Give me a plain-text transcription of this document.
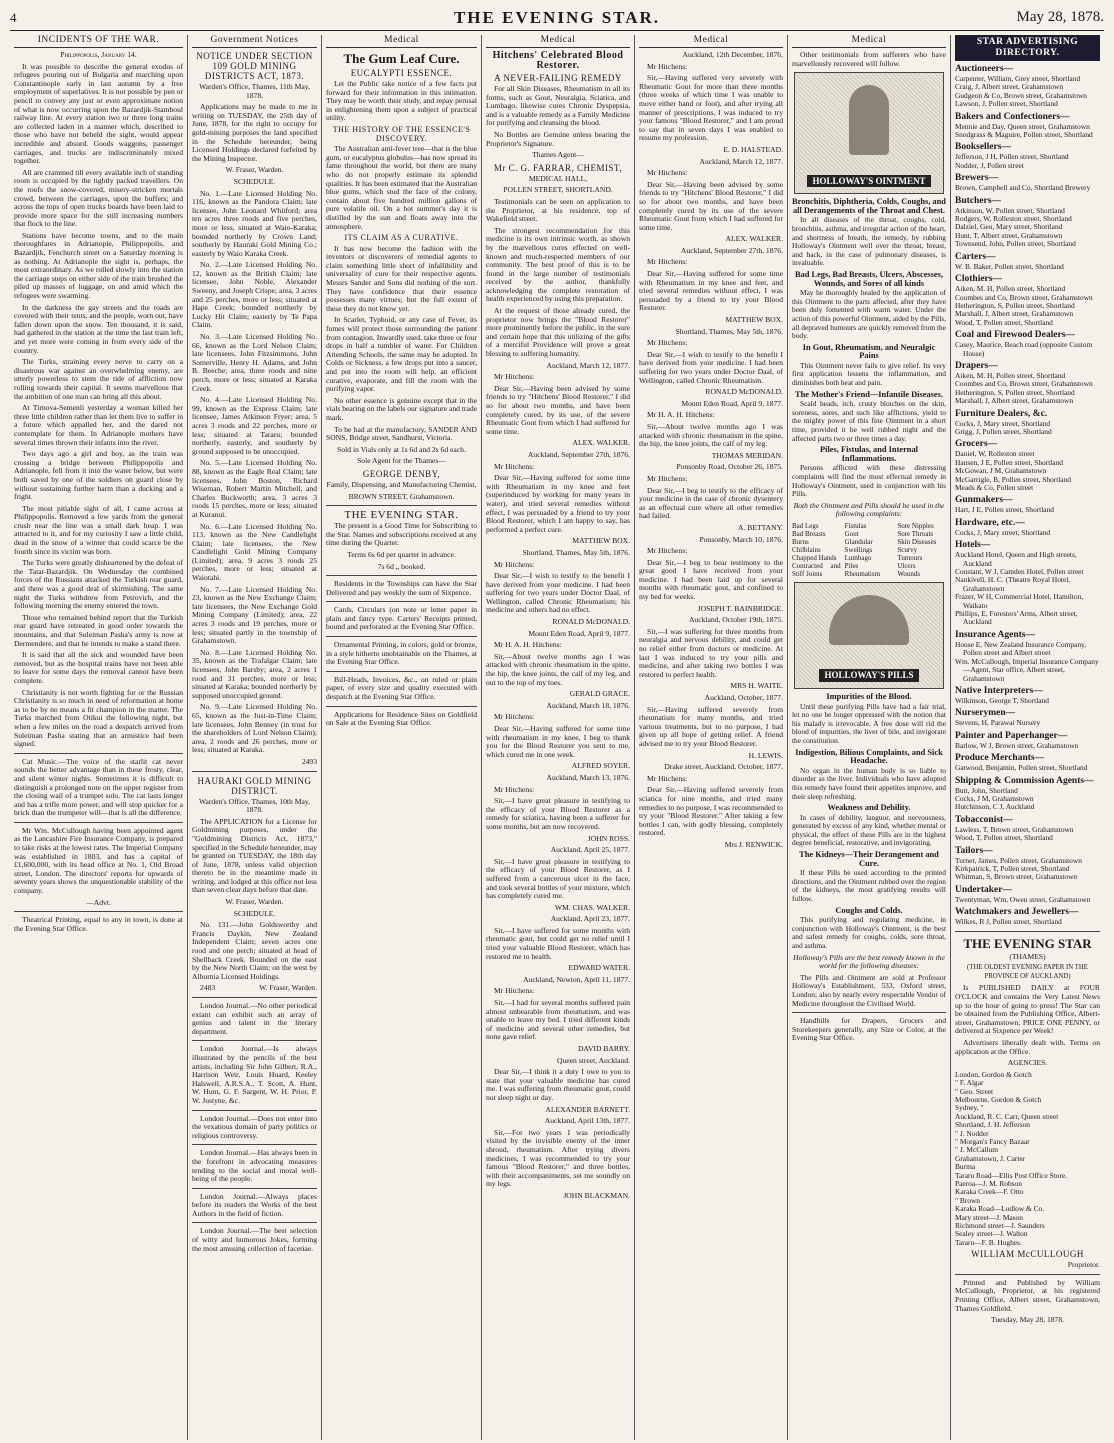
4	THE EVENING STAR.	May 28, 1878.
INCIDENTS OF THE WAR.

Philippopolis, January 14.

It was possible to describe the general exodus of refugees pouring out of Bulgaria and marching upon Constantinople early in last autumn by a free employment of superlatives. It is not possible by pen or pencil to convey any just or even approximate notion of what is now occurring upon the Bazardjik-Stamboul railway line. At every station two or three long trains are collected laden in a manner which, described to those who have not beheld the sight, would appear incredible and absurd. Goods waggons, passenger carriages, and trucks are indiscriminately mixed together.

All are crammed till every available inch of standing room is occupied by the tightly packed travellers. On the roofs the snow-covered, misery-stricken mortals crowd, between the carriages, upon the buffers; and across the tops of open trucks boards have been laid to provide more space for the still increasing numbers that flock to the line.

Stations have become towns, and to the main thoroughfares in Adrianople, Philippopolis, and Bazardjik, Fenchurch street on a Saturday morning is as nothing. At Adrianople the sight is, perhaps, the most extraordinary. As we rolled slowly into the station the carriage steps on either side of the train brushed the piled up masses of luggage, on and amid which the refugees were swarming.

In the darkness the gay streets and the roads are covered with their tents, and the people, worn out, have fallen down upon the snow. Ten thousand, it is said, had gathered in the station at the time the last train left, and yet more were coming in from every side of the country.

The Turks, straining every nerve to carry on a disastrous war against an overwhelming enemy, are utterly powerless to stem the tide of affliction now rolling towards their capital. It seems marvellous that the ambition of one man can bring all this about.

At Tirnova-Semenli yesterday a woman killed her three little children rather than let them live to suffer in a future which appalled her, and the dared not contemplate for them. In Adrianople mothers have several times thrown their infants into the river.

Two days ago a girl and boy, as the train was crossing a bridge between Philippopolis and Adrianople, fell from it into the water below, but were both saved by one of the soldiers on guard close by without sustaining further harm than a ducking and a fright.

The most pitiable sight of all, I came across at Philippopolis. Removed a few yards from the general crush near the line was a small dark heap. I was attracted to it, and for my curiosity I saw a little child, dead in the snow of a winter that could scarce be the fourth since its victim was born.

The Turks were greatly disheartened by the defeat of the Tatar-Bazardjik. On Wednesday the combined forces of the Russians attacked the Turkish rear guard, and there was a good deal of skirmishing. The same night the Turks withdrew from Petrovich, and the following morning the enemy entered the town.

Those who remained behind report that the Turkish rear guard have retreated in good order towards the mountains, and that Suleiman Pasha's army is now at Dermendere, and that he intends to make a stand there.

It is said that all the sick and wounded have been removed, but as the hospital trains have not been able to leave for some days the removal cannot have been complete.

Christianity is not worth fighting for or the Russian Christianity is so much in need of reformation at home as to be by no means a fit champion in the matter. The Turks marched from Otikui the following night, but when a few miles on the road a despatch arrived from Suleiman Pasha stating that an armistice had been signed.

Cat Music.—The voice of the starlit cat never sounds the better advantage than in these frosty, clear, and silent winter nights. Sometimes it is difficult to distinguish a prolonged note on the upper register from the closing wail of a trumpet solo. The cat lasts longer and has a trifle more power, and will stop quicker for a brick than the trumpeter will—that is all the difference.

Mr Wm. McCullough having been appointed agent as the Lancashire Fire Insurance Company, is prepared to take risks at the lowest rates. The Imperial Company was established in 1803, and has a capital of £1,600,000, with its head office at No. 1, Old Broad street, London. The directors' reports for upwards of seventy years shows the unquestionable stability of the company.

—Advt.

Theatrical Printing, equal to any in town, is done at the Evening Star Office.

Government Notices

NOTICE UNDER SECTION 109 GOLD MINING DISTRICTS ACT, 1873.

Warden's Office, Thames, 11th May, 1878.

Applications may be made to me in writing on TUESDAY, the 25th day of June, 1878, for the right to occupy for gold-mining purposes the land specified in the Schedule hereunder, being Licensed Holdings declared forfeited by the Mining Inspector.

W. Fraser, Warden.

SCHEDULE.

No. 1.—Late Licensed Holding No. 116, known as the Pandora Claim; late licensee, John Leonard Whitford; area ten acres three roods and five perches, more or less, situated at Waio-Karaka; bounded northerly by Crown Land; southerly by Hauraki Gold Mining Co.; easterly by Waio Karaka Creek.

No. 2.—Late Licensed Holding No. 12, known as the British Claim; late licensee, John Noble, Alexander Sweeny, and Joseph Crispe; area, 3 acres and 25 perches, more or less; situated at Hape Creek; bounded northerly by Lucky Hit Claim; easterly by Te Papa Claim.

No. 3.—Late Licensed Holding No. 66, known as the Lord Nelson Claim; late licensees, John Fitzsimmons, John Somerville, Henry H. Adams, and John B. Beeche; area, three roods and nine perch, more or less; situated at Karaka Creek.

No. 4.—Late Licensed Holding No. 99, known as the Express Claim; late licensee, James Atkinson Fryer; area, 5 acres 3 roods and 22 perches, more or less; situated at Tararu; bounded northerly, easterly, and southerly by ground supposed to be unoccupied.

No. 5.—Late Licensed Holding No. 88, known as the Eagle Real Claim; late licensees, John Boston, Richard Wiseman, Robert Martin Mitchell, and Charles Buckworth; area, 3 acres 3 roods 15 perches, more or less; situated at Kuranui.

No. 6.—Late Licensed Holding No. 113, known as the New Candlelight Claim; late licensees, the New Candlelight Gold Mining Company (Limited); area, 9 acres 3 roods 25 perches, more or less; situated at Waiotahi.

No. 7.—Late Licensed Holding No. 23, known as the New Exchange Claim; late licensees, the New Exchange Gold Mining Company (Limited); area, 22 acres 3 roods and 19 perches, more or less; situated partly in the township of Grahamstown.

No. 8.—Late Licensed Holding No. 35, known as the Trafalgar Claim; late licensees, John Barsby; area, 2 acres 1 rood and 31 perches, more or less; situated at Karaka; bounded northerly by supposed unoccupied ground.

No. 9.—Late Licensed Holding No. 65, known as the Just-in-Time Claim; late licensees, John Benney (in trust for the shareholders of Lord Nelson Claim); area, 2 roods and 26 perches, more or less; situated at Karaka.

2493

HAURAKI GOLD MINING DISTRICT.

Warden's Office, Thames, 10th May, 1878.

The APPLICATION for a License for Goldmining purposes, under the "Goldmining Districts Act, 1873," specified in the Schedule hereunder, may be granted on TUESDAY, the 18th day of June, 1878, unless valid objection thereto be in the meantime made in writing, and lodged at this office not less than seven clear days before that date.

W. Fraser, Warden.

SCHEDULE.

No. 131.—John Goldsworthy and Francis Daykin, New Zealand Independent Claim; seven acres one rood and one perch; situated at head of Shellback Creek. Bounded on the east by the New North Claim; on the west by Alburnia Licensed Holdings.

2483	W. Fraser, Warden.

London Journal.—No other periodical extant can exhibit such an array of genius and talent in the literary department.

London Journal.—Is always illustrated by the pencils of the best artists, including Sir John Gilbert, R.A., Harrison Weir, Louis Huard, Keeley Halswell, A.R.S.A., T. Scott, A. Hunt, W. Hunt, G. F. Sargent, W. H. Prior, P. W. Justyne, &c.

London Journal.—Does not enter into the vexatious domain of party politics or religious controversy.

London Journal.—Has always been in the forefront in advocating measures tending to the social and moral well-being of the people.

London Journal.—Always places before its readers the Works of the best Authors in the field of fiction.

London Journal.—The best selection of witty and humorous Jokes, forming the most amusing collection of facetiae.

Medical

The Gum Leaf Cure.

EUCALYPTI ESSENCE.

Let the Public take notice of a few facts put forward for their information in this intimation. They may be worth their study, and repay perusal in enlightening them upon a subject of practical utility.

THE HISTORY OF THE ESSENCE'S DISCOVERY.

The Australian anti-fever tree—that is the blue gum, or eucalyptus globulus—has now spread its fame throughout the world, but there are many who do not properly estimate its splendid qualities. It has been estimated that the Australian blue gums, which stud the face of the colony, contain about five hundred million gallons of pure volatile oil. On a hot summer's day it is distilled by the sun and floats away into the atmosphere.

ITS CLAIM AS A CURATIVE.

It has now become the fashion with the inventors or discoverers of remedial agents to claim something little short of infallibility and universality of cure for their respective agents. Messrs Sander and Sons did nothing of the sort. They have confidence that their essence possesses many virtues; but the full extent of these they do not know yet.

In Scarlet, Typhoid, or any case of Fever, its fumes will protect those surrounding the patient from contagion. Inwardly used, take three or four drops in half a tumbler of water. For Children Attending Schools, the same may be adopted. In Colds or Sickness, a few drops put into a saucer, and put into the room will help, an efficient curative, evaporate, and fill the room with the purifying vapor.

No other essence is genuine except that in the vials bearing on the labels our signature and trade mark.

To be had at the manufactory, SANDER AND SONS, Bridge street, Sandhurst, Victoria.

Sold in Vials only at 1s 6d and 2s 6d each.

Sole Agent for the Thames—

GEORGE DENBY,

Family, Dispensing, and Manufacturing Chemist,

BROWN STREET, Grahamstown.

THE EVENING STAR.

The present is a Good Time for Subscribing to the Star. Names and subscriptions received at any time during the Quarter.

Terms 6s 6d per quarter in advance.

7s 6d „ booked.

Residents in the Townships can have the Star Delivered and pay weekly the sum of Sixpence.

Cards, Circulars (on note or letter paper in plain and fancy type. Carters' Receipts printed, bound and perforated at the Evening Star Office.

Ornamental Printing, in colors, gold or bronze, in a style hitherto unobtainable on the Thames, at the Evening Star Office.

Bill-Heads, Invoices, &c., on ruled or plain paper, of every size and quality executed with despatch at the Evening Star Office.

Applications for Residence Sites on Goldfield on Sale at the Evening Star Office.

Medical

Hitchens' Celebrated Blood Restorer.

A NEVER-FAILING REMEDY

For all Skin Diseases, Rheumatism in all its forms, such as Gout, Neuralgia, Sciatica, and Lumbago, likewise cures Chronic Dyspepsia, and is a valuable remedy as a Family Medicine for purifying and cleansing the blood.

No Bottles are Genuine unless bearing the Proprietor's Signature.

Thames Agent—

Mr C. G. FARRAR, CHEMIST,

MEDICAL HALL,

POLLEN STREET, SHORTLAND.

Testimonials can be seen on application to the Proprietor, at his residence, top of Wakefield street.

The strongest recommendation for this medicine is its own intrinsic worth, as shown by the marvellous cures effected on well-known and much-respected members of our community. The best proof of this is to be found in the large number of testimonials received by the author, thankfully acknowledging the complete restoration of health experienced by using this preparation.

At the request of those already cured, the proprietor now brings the "Blood Restorer" more prominently before the public, in the sure and certain hope that this utilizing of the gifts of a merciful Providence will prove a great blessing to suffering humanity.

Auckland, March 12, 1877.

Mr Hitchens:

Dear Sir,—Having been advised by some friends to try "Hitchens' Blood Restorer," I did so for about two months, and have been completely cured, by its use, of the severe Rheumatic Gout from which I had suffered for some time.

ALEX. WALKER.

Auckland, September 27th, 1876.

Mr Hitchens:

Dear Sir,—Having suffered for some time with Rheumatism in my knee and feet (superinduced by working for many years in water), and tried several remedies without effect, I was persuaded by a friend to try your Blood Restorer, which I am happy to say, has performed a perfect cure.

MATTHEW BOX.

Shortland, Thames, May 5th, 1876.

Mr Hitchens:

Dear Sir,—I wish to testify to the benefit I have derived from your medicine. I had been suffering for two years under Doctor Daal, of Wellington, called Chronic Rheumatism; his medicine and others had no effect.

RONALD McDONALD.

Mount Eden Road, April 9, 1877.

Mr H. A. H. Hitchens:

Sir,—About twelve months ago I was attacked with chronic rheumatism in the spine, the hip, the knee joints, the calf of my leg, and out to the top of my toes.

GERALD GRACE.

Auckland, March 18, 1876.

Mr Hitchens:

Dear Sir,—Having suffered for some time with rheumatism in my knee, I beg to thank you for the Blood Restorer you sent to me, which cured me in one week.

ALFRED SOYER.

Auckland, March 13, 1876.

Mr Hitchens:

Sir,—I have great pleasure in testifying to the efficacy of your Blood Restorer as a remedy for sciatica, having been a sufferer for some months, but am now recovered.

JOHN ROSS.

Auckland, April 25, 1877.

Sir,—I have great pleasure in testifying to the efficacy of your Blood Restorer, as I suffered from a cancerous ulcer in the face, and took several bottles of your mixture, which has completely cured me.

WM. CHAS. WALKER.

Auckland, April 23, 1877.

Sir,—I have suffered for some months with rheumatic gout, but could get no relief until I tried your valuable Blood Restorer, which has restored me to health.

EDWARD WATER.

Auckland, Newton, April 11, 1877.

Mr Hitchens:

Sir,—I had for several months suffered pain almost unbearable from rheumatism, and was unable to leave my bed. I tried different kinds of medicine and several other remedies, but none gave relief.

DAVID BARRY.

Queen street, Auckland.

Dear Sir,—I think it a duty I owe to you to state that your valuable medicine has cured me. I was suffering from rheumatic gout, could not sleep night or day.

ALEXANDER BARNETT.

Auckland, April 13th, 1877.

Sir,—For two years I was periodically visited by the invisible enemy of the inner shroud, rheumatism. After trying divers medicines, I was recommended to try your famous "Blood Restorer," and three bottles, with their accompaniments, set me soundly on my legs.

JOHN BLACKMAN.

Medical

Auckland, 12th December, 1876.

Mr Hitchens:

Sir,—Having suffered very severely with Rheumatic Gout for more than three months (three weeks of which time I was unable to move either hand or foot), and after trying all manner of prescriptions, I was induced to try your famous "Blood Restorer," and I am proud to say that in seven days I was enabled to resume my profession.

E. D. HALSTEAD.

Auckland, March 12, 1877.

Mr Hitchens:

Dear Sir,—Having been advised by some friends to try "Hitchens' Blood Restorer," I did so for about two months, and have been completely cured by its use of the severe Rheumatic Gout from which I had suffered for some time.

ALEX. WALKER.

Auckland, September 27th, 1876.

Mr Hitchens:

Dear Sir,—Having suffered for some time with Rheumatism in my knee and feet, and tried several remedies without effect, I was persuaded by a friend to try your Blood Restorer.

MATTHEW BOX.

Shortland, Thames, May 5th, 1876.

Mr Hitchens:

Dear Sir,—I wish to testify to the benefit I have derived from your medicine. I had been suffering for two years under Doctor Daal, of Wellington, called Chronic Rheumatism.

RONALD McDONALD.

Mount Eden Road, April 9, 1877.

Mr H. A. H. Hitchens:

Sir,—About twelve months ago I was attacked with chronic rheumatism in the spine, the hip, the knee joints, the calf of my leg.

THOMAS MERIDAN.

Ponsonby Road, October 26, 1875.

Mr Hitchens:

Dear Sir,—I beg to testify to the efficacy of your medicine in the case of chronic dysentery as an effectual cure where all other remedies had failed.

A. BETTANY.

Ponsonby, March 10, 1876.

Mr Hitchens:

Dear Sir,—I beg to bear testimony to the great good I have received from your medicine. I had been laid up for several months with rheumatic gout, and confined to my bed for weeks.

JOSEPH T. BAINBRIDGE.

Auckland, October 19th, 1875.

Sir,—I was suffering for three months from neuralgia and nervous debility, and could get no relief either from doctors or medicine. At last I was induced to try your pills and medicine, and after taking two bottles I was restored to perfect health.

MRS H. WAITE.

Auckland, October, 1877.

Sir,—Having suffered severely from rheumatism for many months, and tried various treatments, but to no purpose, I had given up all hope of getting relief. A friend advised me to try your Blood Restorer.

H. LEWIS.

Drake street, Auckland, October, 1877.

Mr Hitchens:

Dear Sir,—Having suffered severely from sciatica for nine months, and tried many remedies to no purpose, I was recommended to try your "Blood Restorer." After taking a few bottles I can, with godly blessing, completely restored.

Mrs J. RENWICK.

Medical

Other testimonials from sufferers who have marvellously recovered will follow.

HOLLOWAY'S OINTMENT

Bronchitis, Diphtheria, Colds, Coughs, and all Derangements of the Throat and Chest.

In all diseases of the throat, coughs, cold, bronchitis, asthma, and irregular action of the heart, and shortness of breath, the remedy, by rubbing Holloway's Ointment well over the throat, breast, and back, in the case of pulmonary diseases, is invaluable.

Bad Legs, Bad Breasts, Ulcers, Abscesses, Wounds, and Sores of all kinds

May be thoroughly healed by the application of this Ointment to the parts affected, after they have been duly fomented with warm water. Under the action of this powerful Ointment, aided by the Pills, all depraved humours are quickly removed from the body.

In Gout, Rheumatism, and Neuralgic Pains

This Ointment never fails to give relief. Its very first application lessens the inflammation, and diminishes both heat and pain.

The Mother's Friend—Infantile Diseases.

Scald heads, itch, crusty blotches on the skin, soreness, sores, and such like afflictions, yield to the mighty power of this fine Ointment in a short time, provided it be well rubbed night and the affected parts two or three times a day.

Piles, Fistulas, and Internal Inflammations.

Persons afflicted with these distressing complaints will find the most effectual remedy in Holloway's Ointment, used in conjunction with his Pills.

Both the Ointment and Pills should be used in the following complaints:

Bad Legs
Bad Breasts
Burns
Chilblains
Chapped Hands
Contracted and Stiff Joints
Fistulas
Gout
Glandular Swellings
Lumbago
Piles
Rheumatism
Sore Nipples
Sore Throats
Skin Diseases
Scurvy
Tumours
Ulcers
Wounds
HOLLOWAY'S PILLS

Impurities of the Blood.

Until these purifying Pills have had a fair trial, let no one be longer oppressed with the notion that his malady is irrevocable. A free dose will rid the blood of impurities, the liver of bile, and invigorate the constitution.

Indigestion, Bilious Complaints, and Sick Headache.

No organ in the human body is so liable to disorder as the liver. Individuals who have adopted this remedy have found their appetites improve, and their sleep refreshing.

Weakness and Debility.

In cases of debility, languor, and nervousness, generated by excess of any kind, whether mental or physical, the effect of these Pills are in the highest degree beneficial, restorative, and invigorating.

The Kidneys—Their Derangement and Cure.

If these Pills be used according to the printed directions, and the Ointment rubbed over the region of the kidneys, the most gratifying results will follow.

Coughs and Colds.

This purifying and regulating medicine, in conjunction with Holloway's Ointment, is the best and safest remedy for coughs, colds, sore throat, and asthma.

Holloway's Pills are the best remedy known in the world for the following diseases:

The Pills and Ointment are sold at Professor Holloway's Establishment, 533, Oxford street, London; also by nearly every respectable Vendor of Medicine throughout the Civilised World.

Handbills for Drapers, Grocers and Storekeepers generally, any Size or Color, at the Evening Star Office.

STAR ADVERTISING DIRECTORY.
Auctioneers—
Carpenter, William, Grey street, Shortland
Craig, J, Albert street, Grahamstown
Gudgeon & Co, Brown street, Grahamstown
Lawson, J, Pollen street, Shortland
Bakers and Confectioners—
Mennie and Day, Queen street, Grahamstown
Snodgrass & Maguire, Pollen street, Shortland
Booksellers—
Jefferson, J H, Pollen street, Shortland
Nodder, J, Pollen street
Brewers—
Brown, Campbell and Co, Shortland Brewery
Butchers—
Atkinson, W, Pollen street, Shortland
Rodgers, W, Rolleston street, Shortland
Dalziel, Geo, Mary street, Shortland
Hunt, T, Albert street, Grahamstown
Townsend, John, Pollen street, Shortland
Carters—
W. B. Baker, Pollen street, Shortland
Clothiers—
Aiken, M. H, Pollen street, Shortland
Coombes and Co, Brown street, Grahamstown
Hetherington, S, Pollen street, Shortland
Marshall, J, Albert street, Grahamstown
Wood, T, Pollen street, Shortland
Coal and Firewood Dealers—
Casey, Maurice, Beach road (opposite Custom House)
Drapers—
Aiken, M. H, Pollen street, Shortland
Coombes and Co, Brown street, Grahamstown
Hetherington, S, Pollen street, Shortland
Marshall, J, Albert street, Grahamstown
Furniture Dealers, &c.
Cocks, J, Mary street, Shortland
Grigg, J, Pollen street, Shortland
Grocers—
Daniel, W, Rolleston street
Hansen, J E, Pollen street, Shortland
McGowan, J M, Grahamstown
McGarrigle, B, Pollen street, Shortland
Meads & Co, Pollen street
Gunmakers—
Hart, J E, Pollen street, Shortland
Hardware, etc.—
Cocks, J, Mary street, Shortland
Hotels—
Auckland Hotel, Queen and High streets, Auckland
Constant, W J, Camden Hotel, Pollen street
Nankivell, H. C. (Theatre Royal Hotel, Grahamstown
Frazer, W H, Commercial Hotel, Hamilton, Waikato
Phillips, E, Foresters' Arms, Albert street, Auckland
Insurance Agents—
House E, New Zealand Insurance Company, Pollen street and Albert street
Wm. McCullough, Imperial Insurance Company—Agent, Star office, Albert street, Grahamstown
Native Interpreters—
Wilkinson, George T, Shortland
Nurserymen—
Stevens, H, Parawai Nursery
Painter and Paperhanger—
Barlow, W J, Brown street, Grahamstown
Produce Merchants—
Gatwood, Benjamin, Pollen street, Shortland
Shipping & Commission Agents—
Butt, John, Shortland
Cocks, J M, Grahamstown
Hutchinson, C J, Auckland
Tobacconist—
Lawless, T, Brown street, Grahamstown
Wood, T, Pollen street, Shortland
Tailors—
Turner, James, Pollen street, Grahamstown
Kirkpatrick, T, Pollen street, Shortland
Whitman, S, Brown street, Grahamstown
Undertaker—
Twentyman, Wm, Owen street, Grahamstown
Watchmakers and Jewellers—
Wilkes, R J, Pollen street, Shortland

THE EVENING STAR

(THAMES)

(THE OLDEST EVENING PAPER IN THE PROVINCE OF AUCKLAND)

Is PUBLISHED DAILY at FOUR O'CLOCK and contains the Very Latest News up to the hour of going to press! The Star can be obtained from the Publishing Office, Albert-street, Grahamstown, PRICE ONE PENNY, or delivered at Sixpence per Week!

Advertisers liberally dealt with. Terms on application at the Office.

AGENCIES.

London, Gordon & Gotch
" F. Algar
" Geo. Street
Melbourne, Gordon & Gotch
Sydney, "
Auckland, R. C. Carr, Queen street
Shortland, J. H. Jefferson
" J. Nodder
" Morgan's Fancy Bazaar
" J. McCallum
Grahamstown, J. Carter
Burma
Tararu Road—Ellis Post Office Store.
Paeroa—J. M. Robson
Karaka Creek—F. Otto
" Brown
Karaka Road—Ludlow & Co.
Mary street—J. Mason
Richmond street—J. Saunders
Sealey street—J. Walton
Tararu—F. B. Hughes.

WILLIAM McCULLOUGH

Proprietor.

Printed and Published by William McCullough, Proprietor, at his registered Printing Office, Albert street, Grahamstown, Thames Goldfield.

Tuesday, May 28, 1878.
